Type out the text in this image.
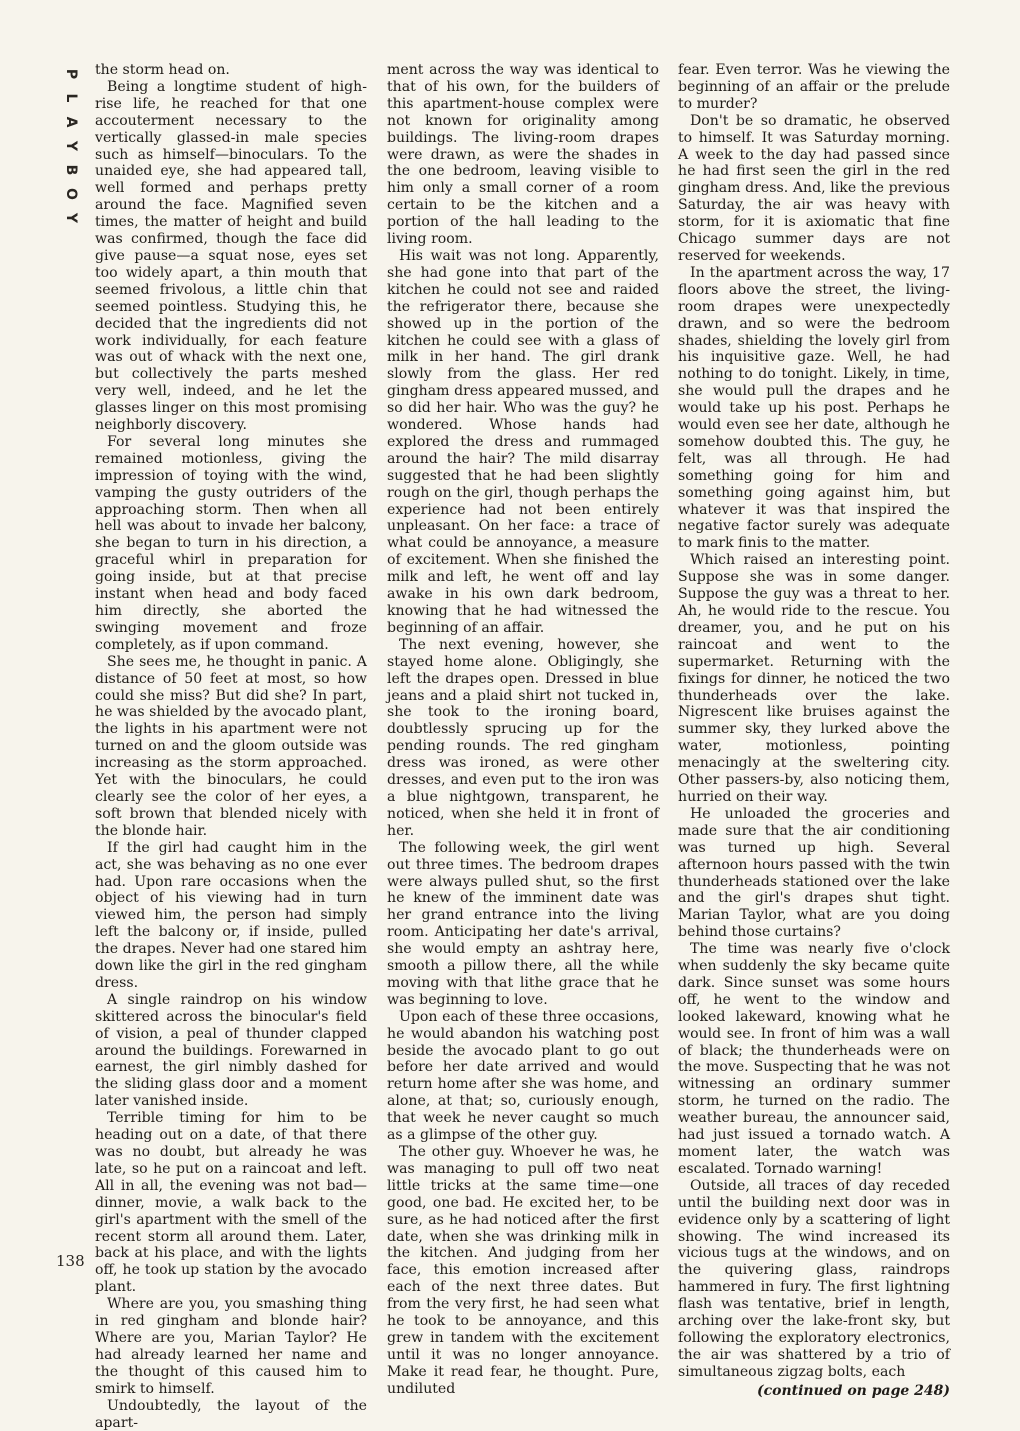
P
L
A
Y
B
O
Y
138

the storm head on.

Being a longtime student of high-rise life, he reached for that one accouterment necessary to the vertically glassed-in male species such as himself—binoculars. To the unaided eye, she had appeared tall, well formed and perhaps pretty around the face. Magnified seven times, the matter of height and build was confirmed, though the face did give pause—a squat nose, eyes set too widely apart, a thin mouth that seemed frivolous, a little chin that seemed pointless. Studying this, he decided that the ingredients did not work individually, for each feature was out of whack with the next one, but collectively the parts meshed very well, indeed, and he let the glasses linger on this most promising neighborly discovery.

For several long minutes she remained motionless, giving the impression of toying with the wind, vamping the gusty outriders of the approaching storm. Then when all hell was about to invade her balcony, she began to turn in his direction, a graceful whirl in preparation for going inside, but at that precise instant when head and body faced him directly, she aborted the swinging movement and froze completely, as if upon command.

She sees me, he thought in panic. A distance of 50 feet at most, so how could she miss? But did she? In part, he was shielded by the avocado plant, the lights in his apartment were not turned on and the gloom outside was increasing as the storm approached. Yet with the binoculars, he could clearly see the color of her eyes, a soft brown that blended nicely with the blonde hair.

If the girl had caught him in the act, she was behaving as no one ever had. Upon rare occasions when the object of his viewing had in turn viewed him, the person had simply left the balcony or, if inside, pulled the drapes. Never had one stared him down like the girl in the red gingham dress.

A single raindrop on his window skittered across the binocular's field of vision, a peal of thunder clapped around the buildings. Forewarned in earnest, the girl nimbly dashed for the sliding glass door and a moment later vanished inside.

Terrible timing for him to be heading out on a date, of that there was no doubt, but already he was late, so he put on a raincoat and left. All in all, the evening was not bad—dinner, movie, a walk back to the girl's apartment with the smell of the recent storm all around them. Later, back at his place, and with the lights off, he took up station by the avocado plant.

Where are you, you smashing thing in red gingham and blonde hair? Where are you, Marian Taylor? He had already learned her name and the thought of this caused him to smirk to himself.

Undoubtedly, the layout of the apart-

ment across the way was identical to that of his own, for the builders of this apartment-house complex were not known for originality among buildings. The living-room drapes were drawn, as were the shades in the one bedroom, leaving visible to him only a small corner of a room certain to be the kitchen and a portion of the hall leading to the living room.

His wait was not long. Apparently, she had gone into that part of the kitchen he could not see and raided the refrigerator there, because she showed up in the portion of the kitchen he could see with a glass of milk in her hand. The girl drank slowly from the glass. Her red gingham dress appeared mussed, and so did her hair. Who was the guy? he wondered. Whose hands had explored the dress and rummaged around the hair? The mild disarray suggested that he had been slightly rough on the girl, though perhaps the experience had not been entirely unpleasant. On her face: a trace of what could be annoyance, a measure of excitement. When she finished the milk and left, he went off and lay awake in his own dark bedroom, knowing that he had witnessed the beginning of an affair.

The next evening, however, she stayed home alone. Obligingly, she left the drapes open. Dressed in blue jeans and a plaid shirt not tucked in, she took to the ironing board, doubtlessly sprucing up for the pending rounds. The red gingham dress was ironed, as were other dresses, and even put to the iron was a blue nightgown, transparent, he noticed, when she held it in front of her.

The following week, the girl went out three times. The bedroom drapes were always pulled shut, so the first he knew of the imminent date was her grand entrance into the living room. Anticipating her date's arrival, she would empty an ashtray here, smooth a pillow there, all the while moving with that lithe grace that he was beginning to love.

Upon each of these three occasions, he would abandon his watching post beside the avocado plant to go out before her date arrived and would return home after she was home, and alone, at that; so, curiously enough, that week he never caught so much as a glimpse of the other guy.

The other guy. Whoever he was, he was managing to pull off two neat little tricks at the same time—one good, one bad. He excited her, to be sure, as he had noticed after the first date, when she was drinking milk in the kitchen. And judging from her face, this emotion increased after each of the next three dates. But from the very first, he had seen what he took to be annoyance, and this grew in tandem with the excitement until it was no longer annoyance. Make it read fear, he thought. Pure, undiluted

fear. Even terror. Was he viewing the beginning of an affair or the prelude to murder?

Don't be so dramatic, he observed to himself. It was Saturday morning. A week to the day had passed since he had first seen the girl in the red gingham dress. And, like the previous Saturday, the air was heavy with storm, for it is axiomatic that fine Chicago summer days are not reserved for weekends.

In the apartment across the way, 17 floors above the street, the living-room drapes were unexpectedly drawn, and so were the bedroom shades, shielding the lovely girl from his inquisitive gaze. Well, he had nothing to do tonight. Likely, in time, she would pull the drapes and he would take up his post. Perhaps he would even see her date, although he somehow doubted this. The guy, he felt, was all through. He had something going for him and something going against him, but whatever it was that inspired the negative factor surely was adequate to mark finis to the matter.

Which raised an interesting point. Suppose she was in some danger. Suppose the guy was a threat to her. Ah, he would ride to the rescue. You dreamer, you, and he put on his raincoat and went to the supermarket. Returning with the fixings for dinner, he noticed the two thunderheads over the lake. Nigrescent like bruises against the summer sky, they lurked above the water, motionless, pointing menacingly at the sweltering city. Other passers-by, also noticing them, hurried on their way.

He unloaded the groceries and made sure that the air conditioning was turned up high. Several afternoon hours passed with the twin thunderheads stationed over the lake and the girl's drapes shut tight. Marian Taylor, what are you doing behind those curtains?

The time was nearly five o'clock when suddenly the sky became quite dark. Since sunset was some hours off, he went to the window and looked lakeward, knowing what he would see. In front of him was a wall of black; the thunderheads were on the move. Suspecting that he was not witnessing an ordinary summer storm, he turned on the radio. The weather bureau, the announcer said, had just issued a tornado watch. A moment later, the watch was escalated. Tornado warning!

Outside, all traces of day receded until the building next door was in evidence only by a scattering of light showing. The wind increased its vicious tugs at the windows, and on the quivering glass, raindrops hammered in fury. The first lightning flash was tentative, brief in length, arching over the lake-front sky, but following the exploratory electronics, the air was shattered by a trio of simultaneous zigzag bolts, each

(continued on page 248)
